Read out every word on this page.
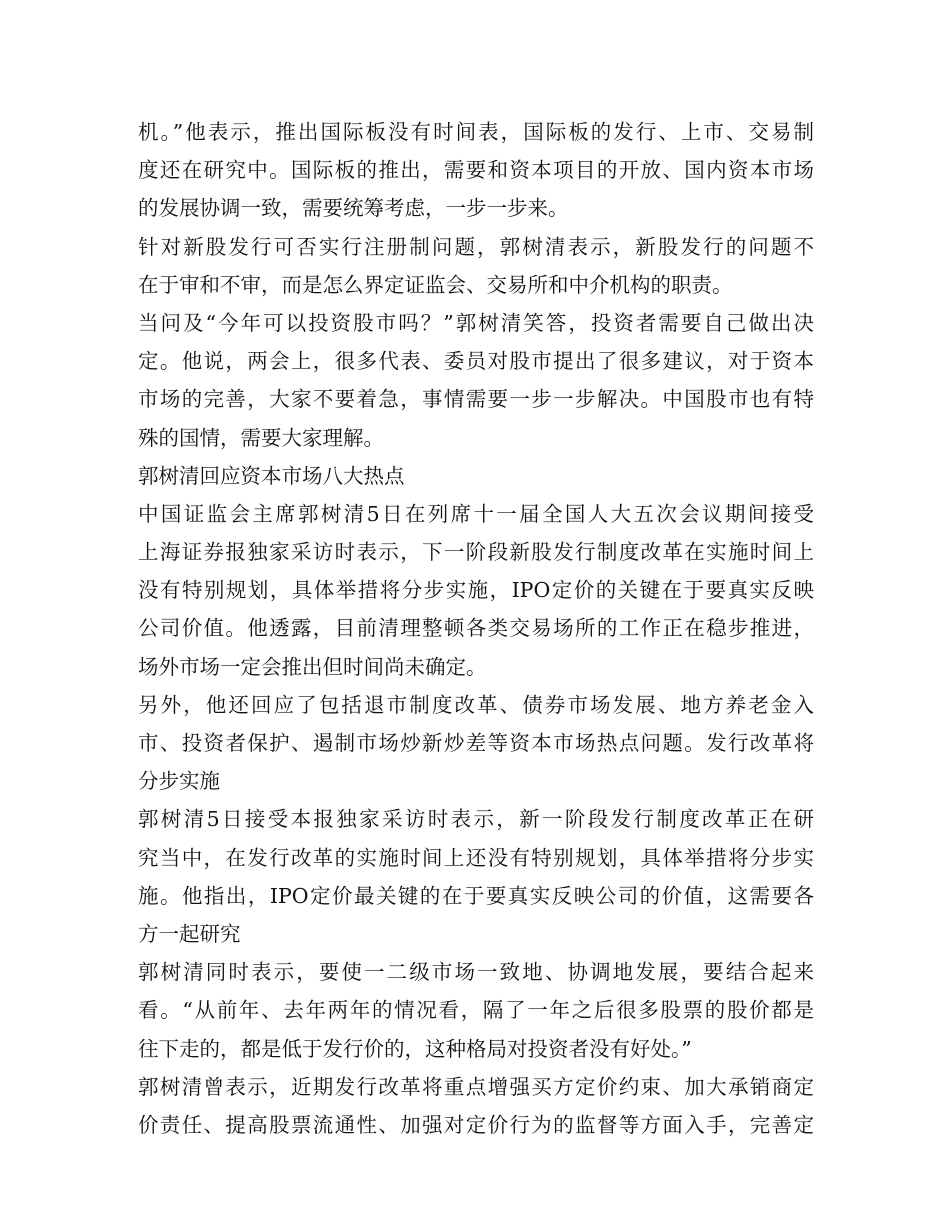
机。”他表示，推出国际板没有时间表，国际板的发行、上市、交易制
度还在研究中。国际板的推出，需要和资本项目的开放、国内资本市场
的发展协调一致，需要统筹考虑，一步一步来。
针对新股发行可否实行注册制问题，郭树清表示，新股发行的问题不
在于审和不审，而是怎么界定证监会、交易所和中介机构的职责。
当问及“今年可以投资股市吗？”郭树清笑答，投资者需要自己做出决
定。他说，两会上，很多代表、委员对股市提出了很多建议，对于资本
市场的完善，大家不要着急，事情需要一步一步解决。中国股市也有特
殊的国情，需要大家理解。
郭树清回应资本市场八大热点
中国证监会主席郭树清5日在列席十一届全国人大五次会议期间接受
上海证券报独家采访时表示，下一阶段新股发行制度改革在实施时间上
没有特别规划，具体举措将分步实施，IPO定价的关键在于要真实反映
公司价值。他透露，目前清理整顿各类交易场所的工作正在稳步推进，
场外市场一定会推出但时间尚未确定。
另外，他还回应了包括退市制度改革、债券市场发展、地方养老金入
市、投资者保护、遏制市场炒新炒差等资本市场热点问题。发行改革将
分步实施
郭树清5日接受本报独家采访时表示，新一阶段发行制度改革正在研
究当中，在发行改革的实施时间上还没有特别规划，具体举措将分步实
施。他指出，IPO定价最关键的在于要真实反映公司的价值，这需要各
方一起研究
郭树清同时表示，要使一二级市场一致地、协调地发展，要结合起来
看。“从前年、去年两年的情况看，隔了一年之后很多股票的股价都是
往下走的，都是低于发行价的，这种格局对投资者没有好处。”
郭树清曾表示，近期发行改革将重点增强买方定价约束、加大承销商定
价责任、提高股票流通性、加强对定价行为的监督等方面入手，完善定
